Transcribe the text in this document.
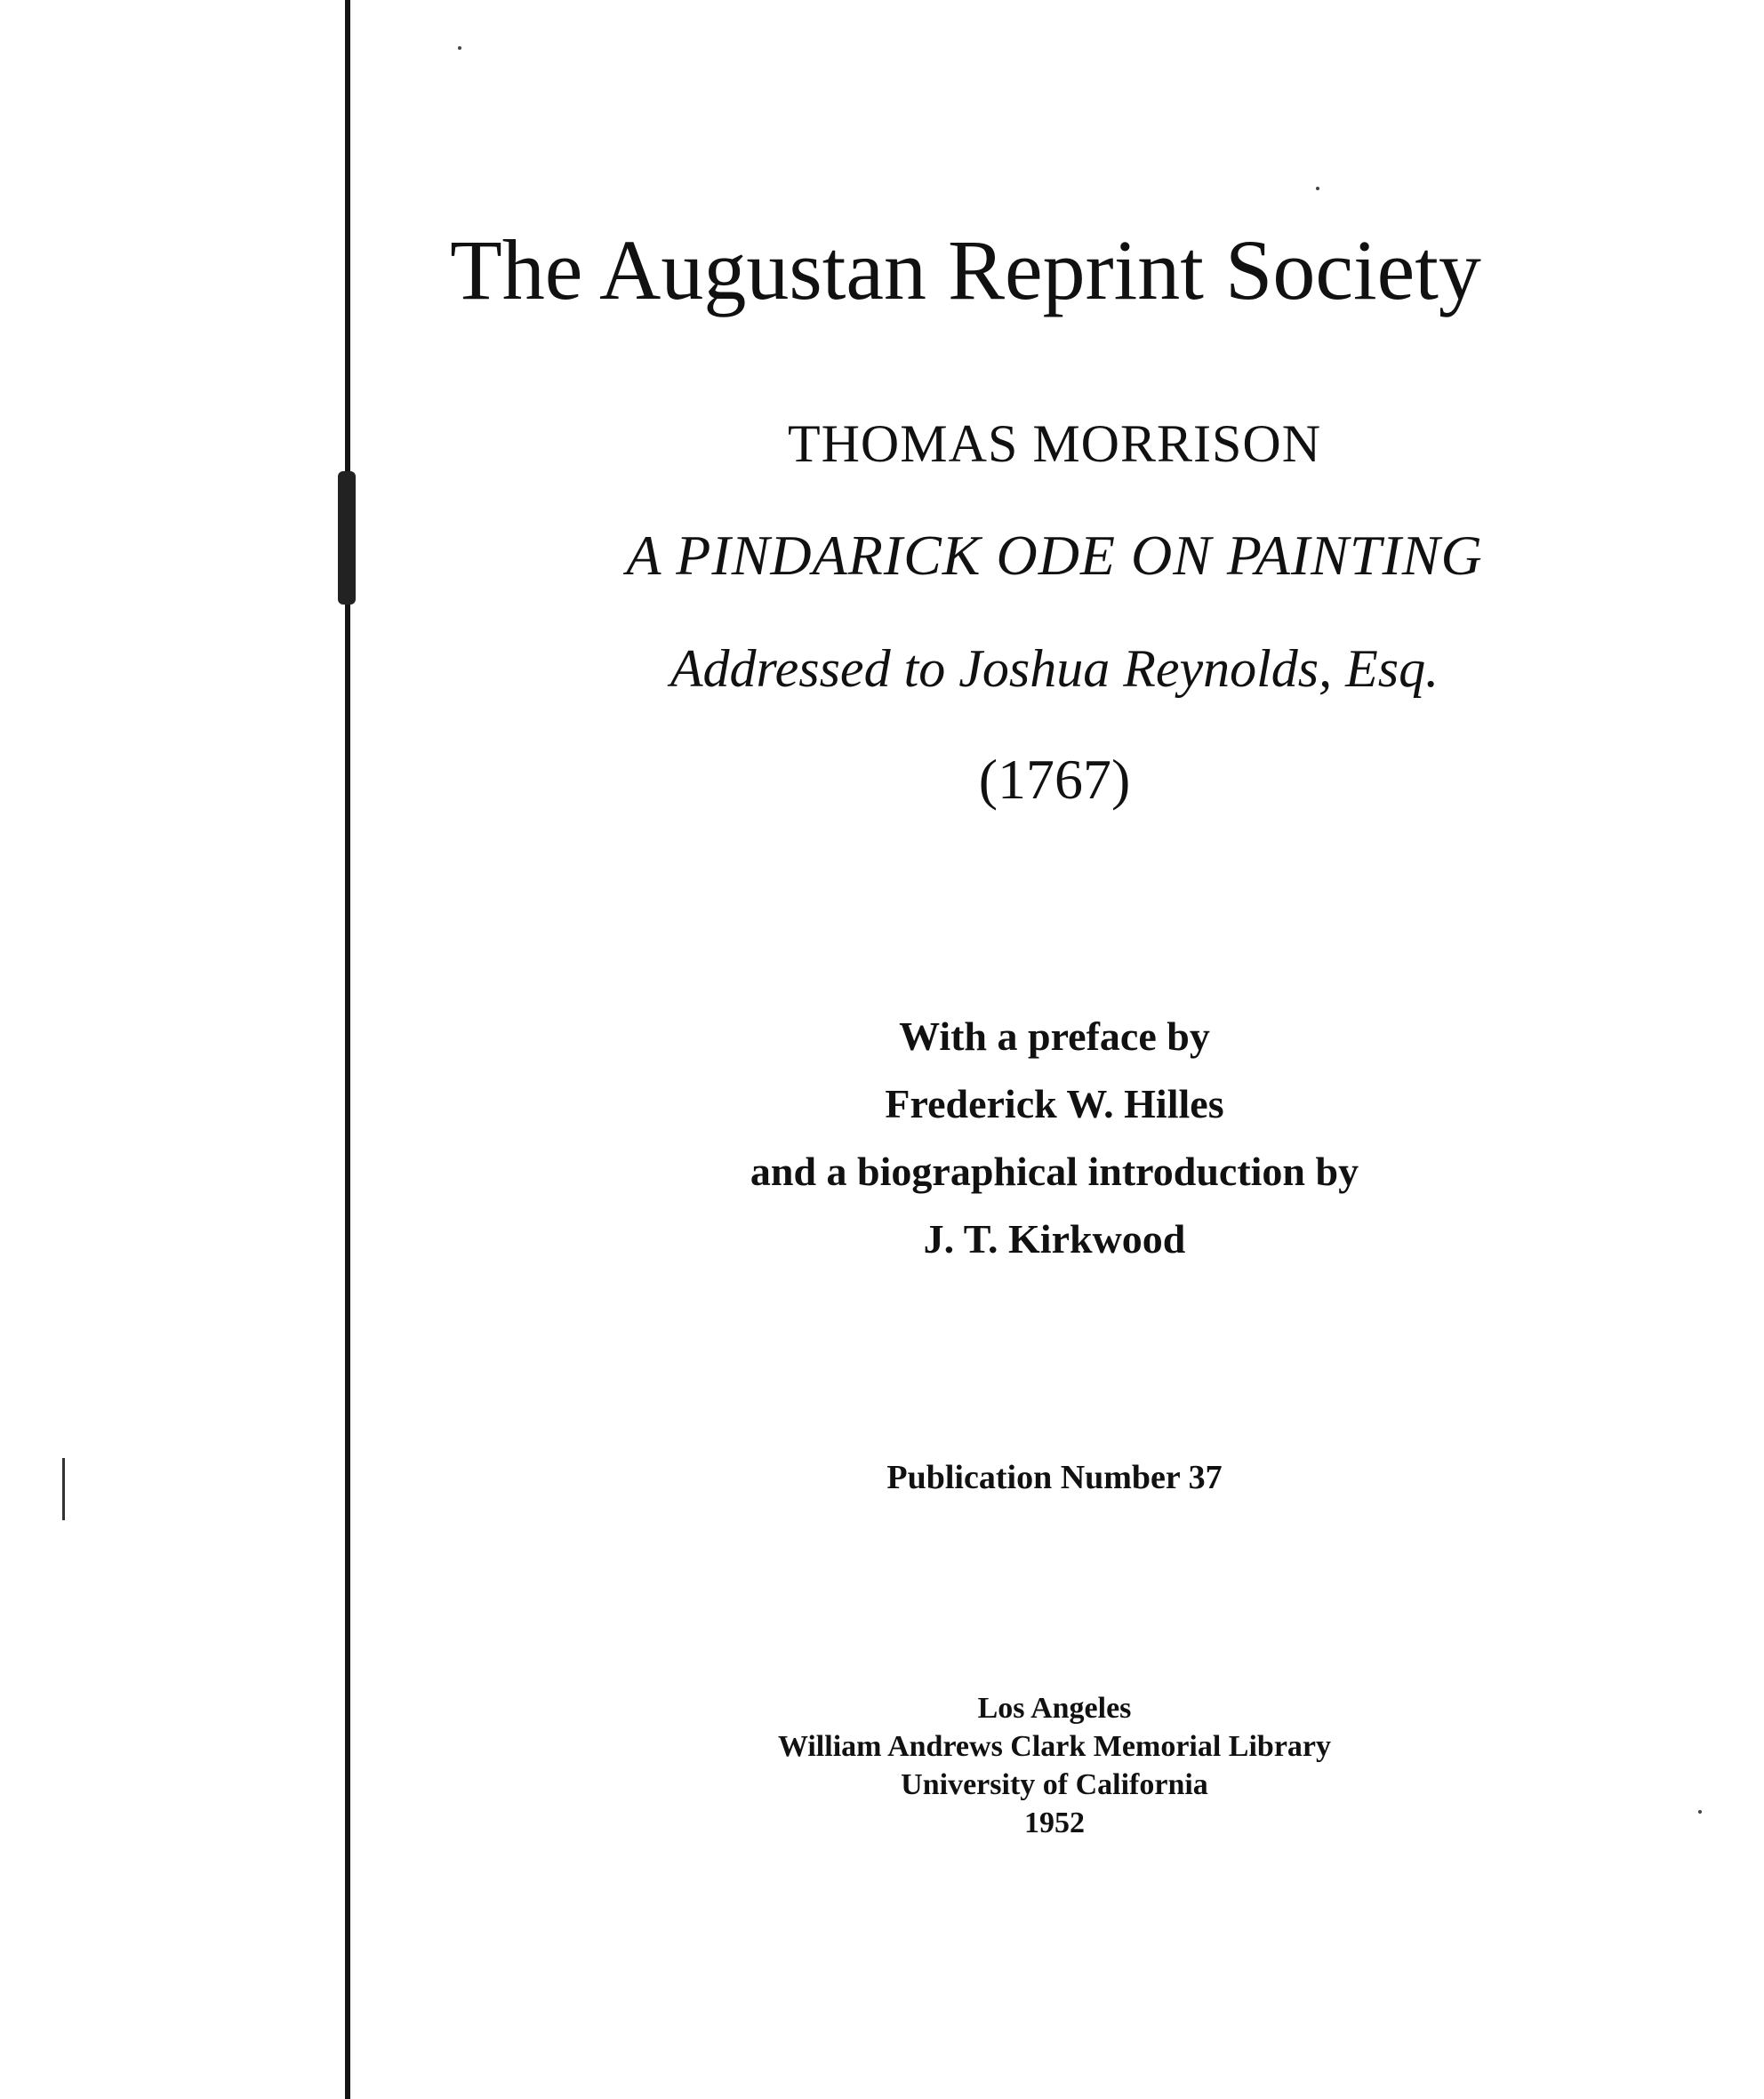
The Augustan Reprint Society
THOMAS MORRISON
A PINDARICK ODE ON PAINTING
Addressed to Joshua Reynolds, Esq.
(1767)
With a preface by
Frederick W. Hilles
and a biographical introduction by
J. T. Kirkwood
Publication Number 37
Los Angeles
William Andrews Clark Memorial Library
University of California
1952
